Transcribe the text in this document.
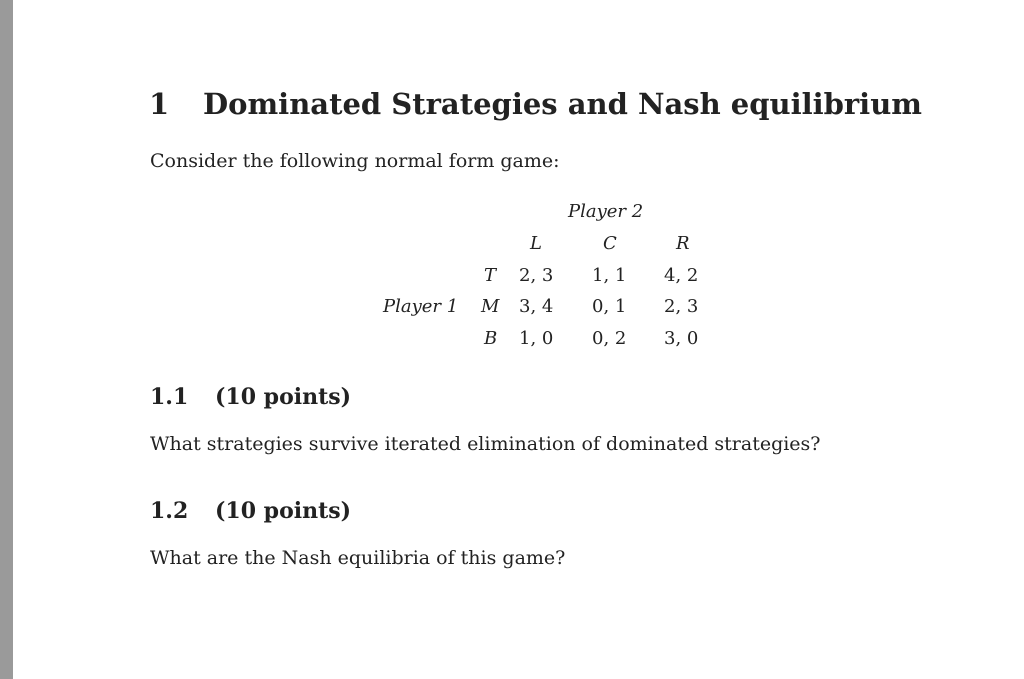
1 Dominated Strategies and Nash equilibrium
Consider the following normal form game:
Player 2
Player 1
L	C	R
T 2, 3 1, 1 4, 2
M 3, 4 0, 1 2, 3
B 1, 0 0, 2 3, 0
1.1 (10 points)
What strategies survive iterated elimination of dominated strategies?
1.2 (10 points)
What are the Nash equilibria of this game?
